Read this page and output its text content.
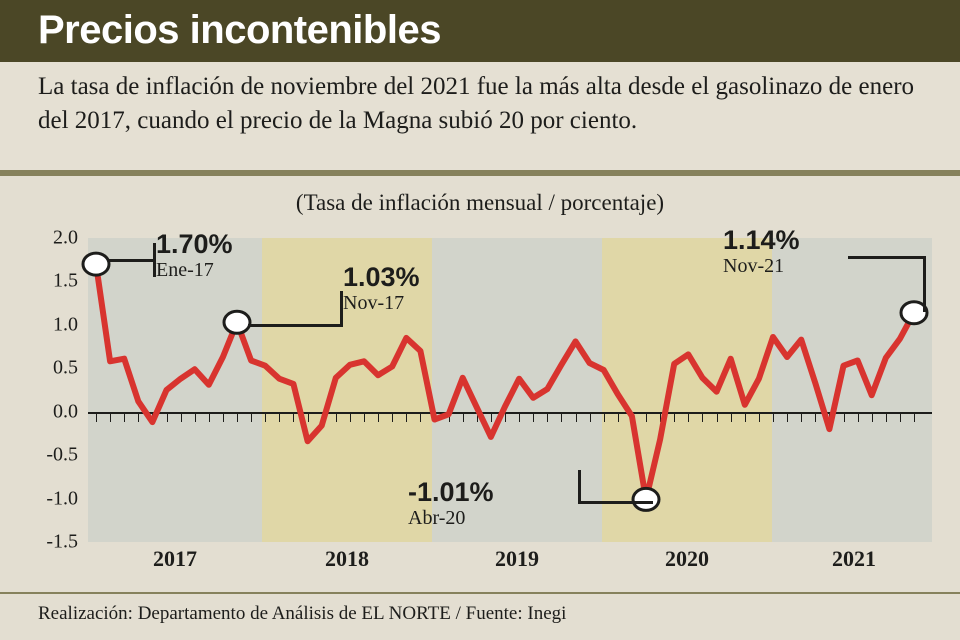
Precios incontenibles
La tasa de inflación de noviembre del 2021 fue la más alta desde el gasolinazo de enero del 2017, cuando el precio de la Magna subió 20 por ciento.
(Tasa de inflación mensual / porcentaje)
2.0
1.5
1.0
0.5
0.0
-0.5
-1.0
-1.5
2017	2018	2019	2020	2021
1.70%
Ene-17	1.03%
Nov-17
-1.01%
Abr-20
1.14%
Nov-21
Realización: Departamento de Análisis de EL NORTE / Fuente: Inegi
